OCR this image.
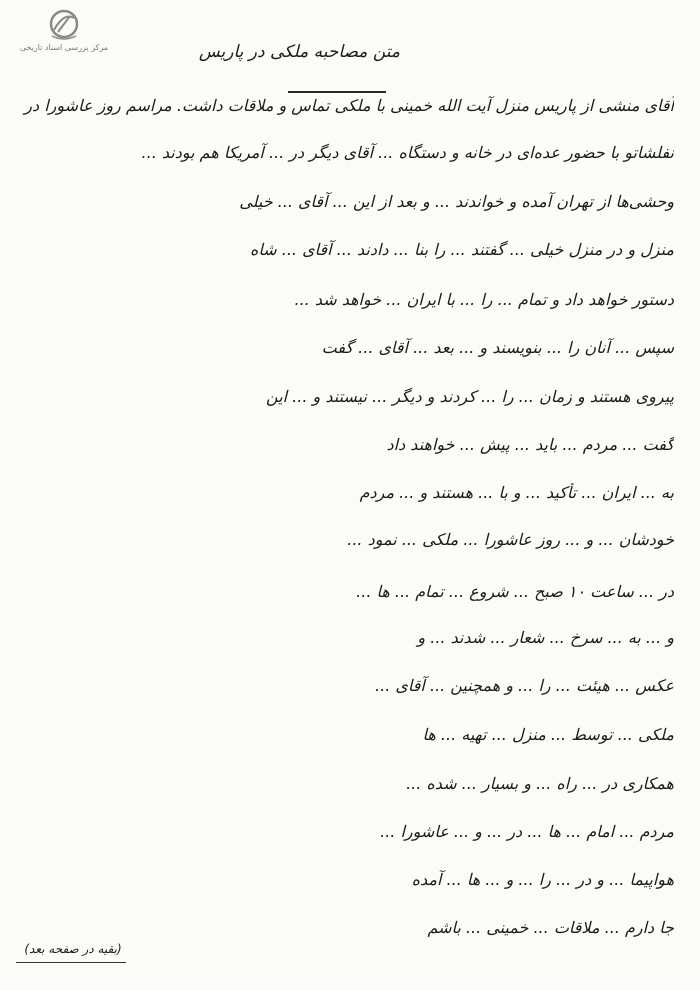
مرکز بررسی اسناد تاریخی	متن مصاحبه ملکی در پاریس
آقای منشی از پاریس منزل آیت الله خمینی با ملکی تماس و ملاقات داشت. مراسم روز عاشورا در
نفلشاتو با حضور عده‌ای در خانه و دستگاه ... آقای دیگر در ... آمریکا هم بودند ...
وحشی‌ها از تهران آمده و خواندند ... و بعد از این ... آقای ... خیلی
منزل و در منزل خیلی ... گفتند ... را بنا ... دادند ... آقای ... شاه
دستور خواهد داد و تمام ... را ... با ایران ... خواهد شد ...
سپس ... آنان را ... بنویسند و ... بعد ... آقای ... گفت
پیروی هستند و زمان ... را ... کردند و دیگر ... نیستند و ... این
گفت ... مردم ... باید ... پیش ... خواهند داد
به ... ایران ... تأکید ... و با ... هستند و ... مردم
خودشان ... و ... روز عاشورا ... ملکی ... نمود ...
در ... ساعت ۱۰ صبح ... شروع ... تمام ... ها ...
و ... به ... سرخ ... شعار ... شدند ... و
عکس ... هیئت ... را ... و همچنین ... آقای ...
ملکی ... توسط ... منزل ... تهیه ... ها
همکاری در ... راه ... و بسیار ... شده ...
مردم ... امام ... ها ... در ... و ... عاشورا ...
هواپیما ... و در ... را ... و ... ها ... آمده
جا دارم ... ملاقات ... خمینی ... باشم
(بقیه در صفحه بعد)
